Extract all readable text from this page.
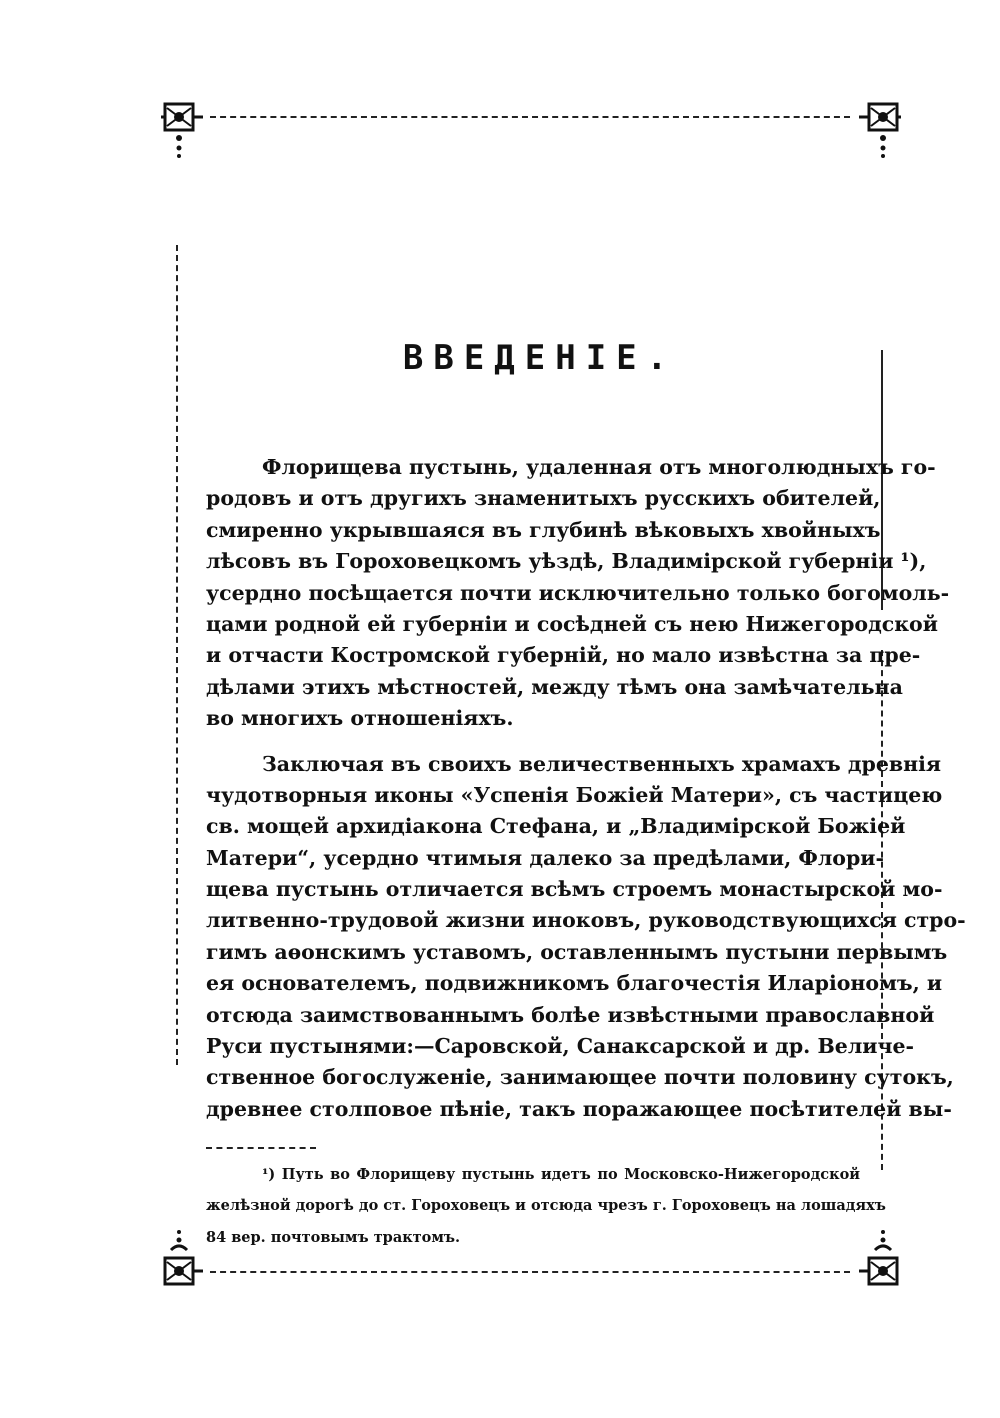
ВВЕДЕНІЕ.
Флорищева пустынь, удаленная отъ многолюдныхъ го-
родовъ и отъ другихъ знаменитыхъ русскихъ обителей,
смиренно укрывшаяся въ глубинѣ вѣковыхъ хвойныхъ
лѣсовъ въ Гороховецкомъ уѣздѣ, Владимірской губерніи ¹),
усердно посѣщается почти исключительно только богомоль-
цами родной ей губерніи и сосѣдней съ нею Нижегородской
и отчасти Костромской губерній, но мало извѣстна за пре-
дѣлами этихъ мѣстностей, между тѣмъ она замѣчательна
во многихъ отношеніяхъ.
Заключая въ своихъ величественныхъ храмахъ древнія
чудотворныя иконы «Успенія Божіей Матери», съ частицею
св. мощей архидіакона Стефана, и „Владимірской Божіей
Матери“, усердно чтимыя далеко за предѣлами, Флори-
щева пустынь отличается всѣмъ строемъ монастырской мо-
литвенно-трудовой жизни иноковъ, руководствующихся стро-
гимъ аѳонскимъ уставомъ, оставленнымъ пустыни первымъ
ея основателемъ, подвижникомъ благочестія Иларіономъ, и
отсюда заимствованнымъ болѣе извѣстными православной
Руси пустынями:—Саровской, Санаксарской и др. Величе-
ственное богослуженіе, занимающее почти половину сутокъ,
древнее столповое пѣніе, такъ поражающее посѣтителей вы-
¹) Путь во Флорищеву пустынь идетъ по Московско-Нижегородской
желѣзной дорогѣ до ст. Гороховецъ и отсюда чрезъ г. Гороховецъ на лошадяхъ
84 вер. почтовымъ трактомъ.
